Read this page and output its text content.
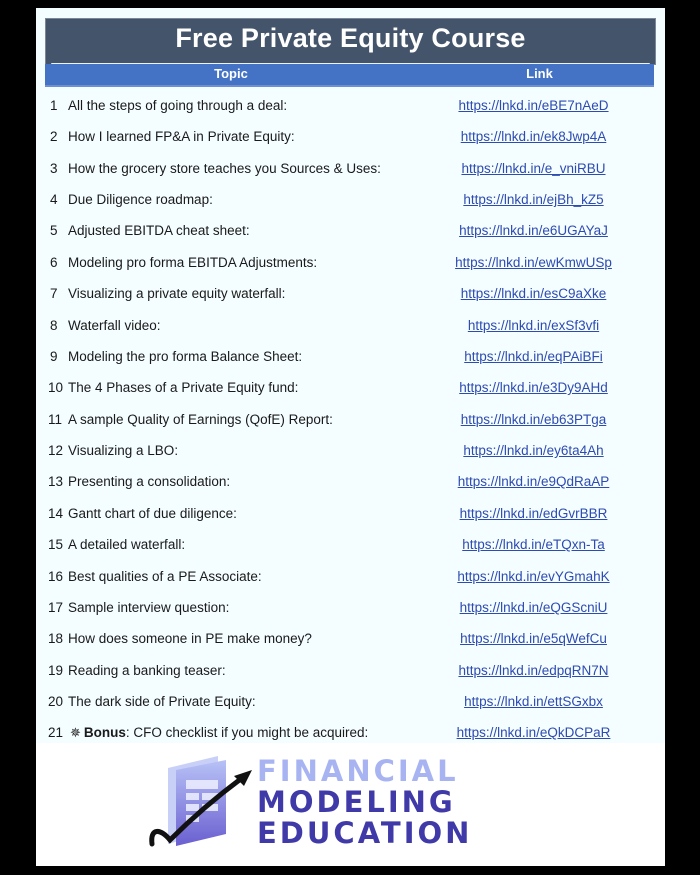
Free Private Equity Course
Topic	Link
1 All the steps of going through a deal:	https://lnkd.in/eBE7nAeD
2 How I learned FP&A in Private Equity:	https://lnkd.in/ek8Jwp4A
3 How the grocery store teaches you Sources & Uses:	https://lnkd.in/e_vniRBU
4 Due Diligence roadmap:	https://lnkd.in/ejBh_kZ5
5 Adjusted EBITDA cheat sheet:	https://lnkd.in/e6UGAYaJ
6 Modeling pro forma EBITDA Adjustments:	https://lnkd.in/ewKmwUSp
7 Visualizing a private equity waterfall:	https://lnkd.in/esC9aXke
8 Waterfall video:	https://lnkd.in/exSf3vfi
9 Modeling the pro forma Balance Sheet:	https://lnkd.in/eqPAiBFi
10 The 4 Phases of a Private Equity fund:	https://lnkd.in/e3Dy9AHd
11 A sample Quality of Earnings (QofE) Report:	https://lnkd.in/eb63PTga
12 Visualizing a LBO:	https://lnkd.in/ey6ta4Ah
13 Presenting a consolidation:	https://lnkd.in/e9QdRaAP
14 Gantt chart of due diligence:	https://lnkd.in/edGvrBBR
15 A detailed waterfall:	https://lnkd.in/eTQxn-Ta
16 Best qualities of a PE Associate:	https://lnkd.in/evYGmahK
17 Sample interview question:	https://lnkd.in/eQGScniU
18 How does someone in PE make money?	https://lnkd.in/e5qWefCu
19 Reading a banking teaser:	https://lnkd.in/edpqRN7N
20 The dark side of Private Equity:	https://lnkd.in/ettSGxbx
21 ✵ Bonus: CFO checklist if you might be acquired:	https://lnkd.in/eQkDCPaR
FINANCIAL
MODELING
EDUCATION
